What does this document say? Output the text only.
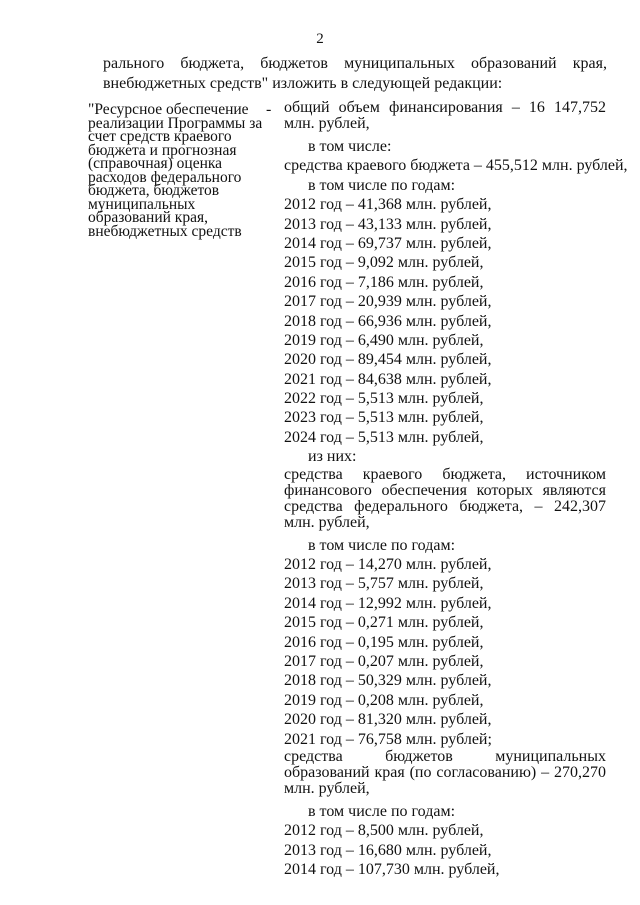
2
рального бюджета, бюджетов муниципальных образований края, внебюджетных средств" изложить в следующей редакции:
"Ресурсное обеспечение реализации Программы за счет средств краевого бюджета и прогнозная (справочная) оценка расходов федерального бюджета, бюджетов муниципальных образований края, внебюджетных средств
- общий объем финансирования – 16 147,752 млн. рублей,
в том числе:
средства краевого бюджета – 455,512 млн. рублей,
в том числе по годам:
2012 год – 41,368 млн. рублей,
2013 год – 43,133 млн. рублей,
2014 год – 69,737 млн. рублей,
2015 год – 9,092 млн. рублей,
2016 год – 7,186 млн. рублей,
2017 год – 20,939 млн. рублей,
2018 год – 66,936 млн. рублей,
2019 год – 6,490 млн. рублей,
2020 год – 89,454 млн. рублей,
2021 год – 84,638 млн. рублей,
2022 год – 5,513 млн. рублей,
2023 год – 5,513 млн. рублей,
2024 год – 5,513 млн. рублей,
из них:
средства краевого бюджета, источником финансового обеспечения которых являются средства федерального бюджета, – 242,307 млн. рублей,
в том числе по годам:
2012 год – 14,270 млн. рублей,
2013 год – 5,757 млн. рублей,
2014 год – 12,992 млн. рублей,
2015 год – 0,271 млн. рублей,
2016 год – 0,195 млн. рублей,
2017 год – 0,207 млн. рублей,
2018 год – 50,329 млн. рублей,
2019 год – 0,208 млн. рублей,
2020 год – 81,320 млн. рублей,
2021 год – 76,758 млн. рублей;
средства бюджетов муниципальных образований края (по согласованию) – 270,270 млн. рублей,
в том числе по годам:
2012 год – 8,500 млн. рублей,
2013 год – 16,680 млн. рублей,
2014 год – 107,730 млн. рублей,
